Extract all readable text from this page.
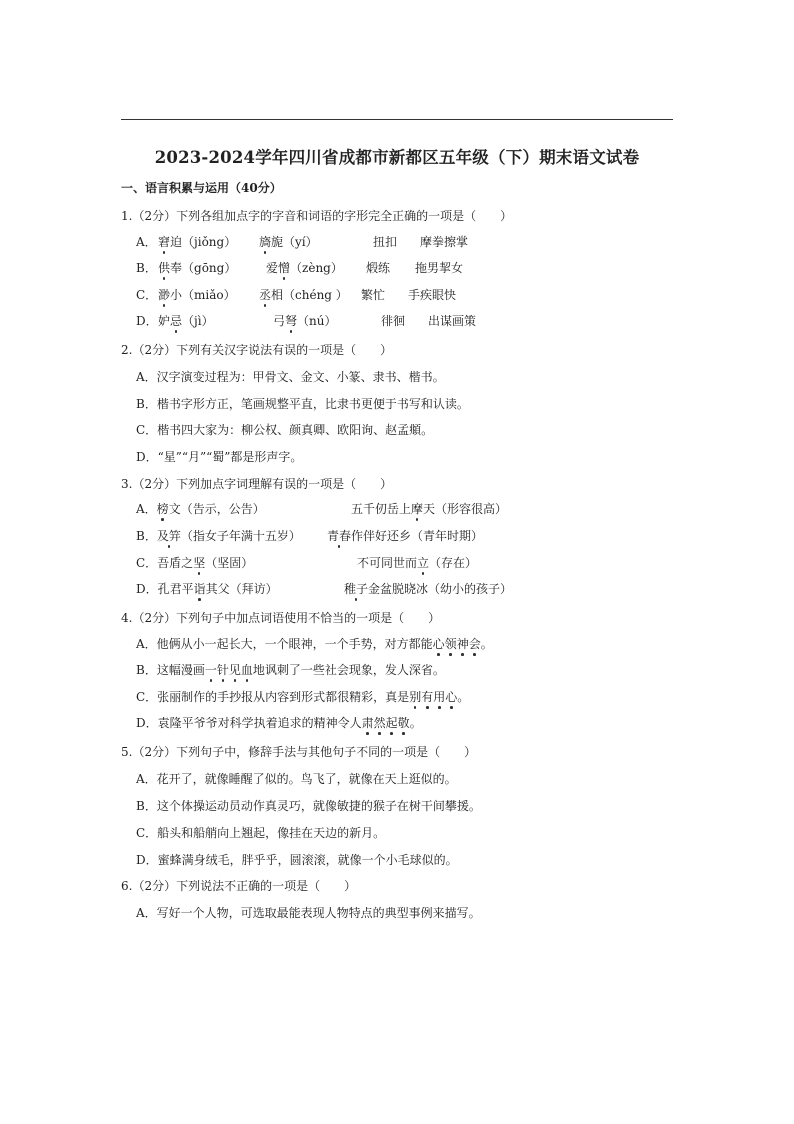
2023-2024学年四川省成都市新都区五年级（下）期末语文试卷
一、语言积累与运用（40分）
1.（2分）下列各组加点字的字音和词语的字形完全正确的一项是（　　）
A． 窘迫（jiǒng） 旖旎（yí）	扭扣 摩拳擦掌
B． 供奉（gōng） 爱憎（zèng） 煅练 拖男挈女
C． 渺小（miǎo） 丞相（chéng ） 繁忙 手疾眼快
D． 妒忌（jì）	弓弩（nú）	徘徊 出谋画策
2.（2分）下列有关汉字说法有误的一项是（　　）
A．汉字演变过程为：甲骨文、金文、小篆、隶书、楷书。
B．楷书字形方正，笔画规整平直，比隶书更便于书写和认读。
C．楷书四大家为：柳公权、颜真卿、欧阳询、赵孟頫。
D．“星”“月”“蜀”都是形声字。
3.（2分）下列加点字词理解有误的一项是（　　）
A．榜文（告示，公告）	五千仞岳上摩天（形容很高）
B．及笄（指女子年满十五岁） 青春作伴好还乡（青年时期）
C．吾盾之坚（坚固）	不可同世而立（存在）
D．孔君平诣其父（拜访）	稚子金盆脱晓冰（幼小的孩子）
4.（2分）下列句子中加点词语使用不恰当的一项是（　　）
A．他俩从小一起长大，一个眼神，一个手势，对方都能心领神会。
B．这幅漫画一针见血地讽刺了一些社会现象，发人深省。
C．张丽制作的手抄报从内容到形式都很精彩，真是别有用心。
D．袁隆平爷爷对科学执着追求的精神令人肃然起敬。
5.（2分）下列句子中，修辞手法与其他句子不同的一项是（　　）
A．花开了，就像睡醒了似的。鸟飞了，就像在天上逛似的。
B．这个体操运动员动作真灵巧，就像敏捷的猴子在树干间攀援。
C．船头和船艄向上翘起，像挂在天边的新月。
D．蜜蜂满身绒毛，胖乎乎，圆滚滚，就像一个小毛球似的。
6.（2分）下列说法不正确的一项是（　　）
A．写好一个人物，可选取最能表现人物特点的典型事例来描写。
